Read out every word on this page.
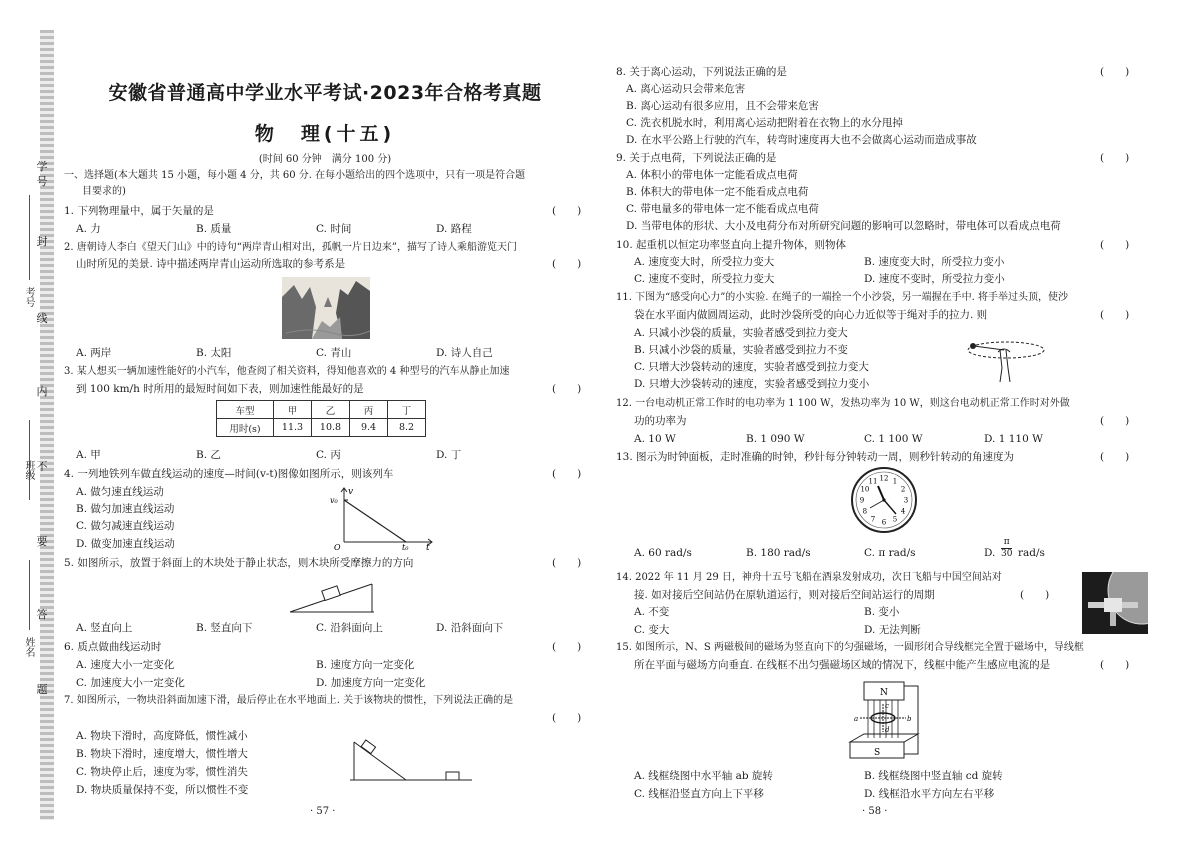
学
号
封
线
内
不
要
答
题
考号
班级
姓名
安徽省普通高中学业水平考试·2023年合格考真题
物　理(十五)
(时间 60 分钟　满分 100 分)
一、选择题(本大题共 15 小题，每小题 4 分，共 60 分. 在每小题给出的四个选项中，只有一项是符合题
目要求的)
1. 下列物理量中，属于矢量的是	(　　)
A. 力	B. 质量	C. 时间	D. 路程
2. 唐朝诗人李白《望天门山》中的诗句“两岸青山相对出，孤帆一片日边来”，描写了诗人乘船游览天门
山时所见的美景. 诗中描述两岸青山运动所选取的参考系是	(　　)
A. 两岸	B. 太阳	C. 青山	D. 诗人自己
3. 某人想买一辆加速性能好的小汽车，他查阅了相关资料，得知他喜欢的 4 种型号的汽车从静止加速
到 100 km/h 时所用的最短时间如下表，则加速性能最好的是	(　　)
车型	甲	乙	丙	丁
用时(s)	11.3	10.8	9.4	8.2
A. 甲	B. 乙	C. 丙	D. 丁
4. 一列地铁列车做直线运动的速度—时间(v-t)图像如图所示，则该列车	(　　)
A. 做匀速直线运动
B. 做匀加速直线运动
C. 做匀减速直线运动
D. 做变加速直线运动
v
v₀
O	t₀ t
5. 如图所示，放置于斜面上的木块处于静止状态，则木块所受摩擦力的方向	(　　)
A. 竖直向上	B. 竖直向下	C. 沿斜面向上	D. 沿斜面向下
6. 质点做曲线运动时	(　　)
A. 速度大小一定变化	B. 速度方向一定变化
C. 加速度大小一定变化	D. 加速度方向一定变化
7. 如图所示，一物块沿斜面加速下滑，最后停止在水平地面上. 关于该物块的惯性，下列说法正确的是
(　　)
A. 物块下滑时，高度降低，惯性减小
B. 物块下滑时，速度增大，惯性增大
C. 物块停止后，速度为零，惯性消失
D. 物块质量保持不变，所以惯性不变
· 57 ·
8. 关于离心运动，下列说法正确的是	(　　)
A. 离心运动只会带来危害
B. 离心运动有很多应用，且不会带来危害
C. 洗衣机脱水时，利用离心运动把附着在衣物上的水分甩掉
D. 在水平公路上行驶的汽车，转弯时速度再大也不会做离心运动而造成事故
9. 关于点电荷，下列说法正确的是	(　　)
A. 体积小的带电体一定能看成点电荷
B. 体积大的带电体一定不能看成点电荷
C. 带电量多的带电体一定不能看成点电荷
D. 当带电体的形状、大小及电荷分布对所研究问题的影响可以忽略时，带电体可以看成点电荷
10. 起重机以恒定功率竖直向上提升物体，则物体	(　　)
A. 速度变大时，所受拉力变大	B. 速度变大时，所受拉力变小
C. 速度不变时，所受拉力变大	D. 速度不变时，所受拉力变小
11. 下图为“感受向心力”的小实验. 在绳子的一端拴一个小沙袋，另一端握在手中. 将手举过头顶，使沙
袋在水平面内做圆周运动，此时沙袋所受的向心力近似等于绳对手的拉力. 则	(　　)
A. 只减小沙袋的质量，实验者感受到拉力变大
B. 只减小沙袋的质量，实验者感受到拉力不变
C. 只增大沙袋转动的速度，实验者感受到拉力变大
D. 只增大沙袋转动的速度，实验者感受到拉力变小
12. 一台电动机正常工作时的电功率为 1 100 W，发热功率为 10 W，则这台电动机正常工作时对外做
功的功率为	(　　)
A. 10 W	B. 1 090 W	C. 1 100 W	D. 1 110 W
13. 图示为时钟面板，走时准确的时钟，秒针每分钟转动一周，则秒针转动的角速度为	(　　)
12 1
2
3
4
5
6
7
8
9
10
11
A. 60 rad/s	B. 180 rad/s	C. π rad/s	D. $\frac{\pi}{30} rad/s$
14. 2022 年 11 月 29 日，神舟十五号飞船在酒泉发射成功，次日飞船与中国空间站对
接. 如对接后空间站仍在原轨道运行，则对接后空间站运行的周期	(　　)
A. 不变	B. 变小
C. 变大	D. 无法判断
15. 如图所示，N、S 两磁极间的磁场为竖直向下的匀强磁场，一圆形闭合导线框完全置于磁场中，导线框
所在平面与磁场方向垂直. 在线框不出匀强磁场区域的情况下，线框中能产生感应电流的是	(　　)
N
S
a	b
c
d
A. 线框绕图中水平轴 ab 旋转	B. 线框绕图中竖直轴 cd 旋转
C. 线框沿竖直方向上下平移	D. 线框沿水平方向左右平移
· 58 ·
